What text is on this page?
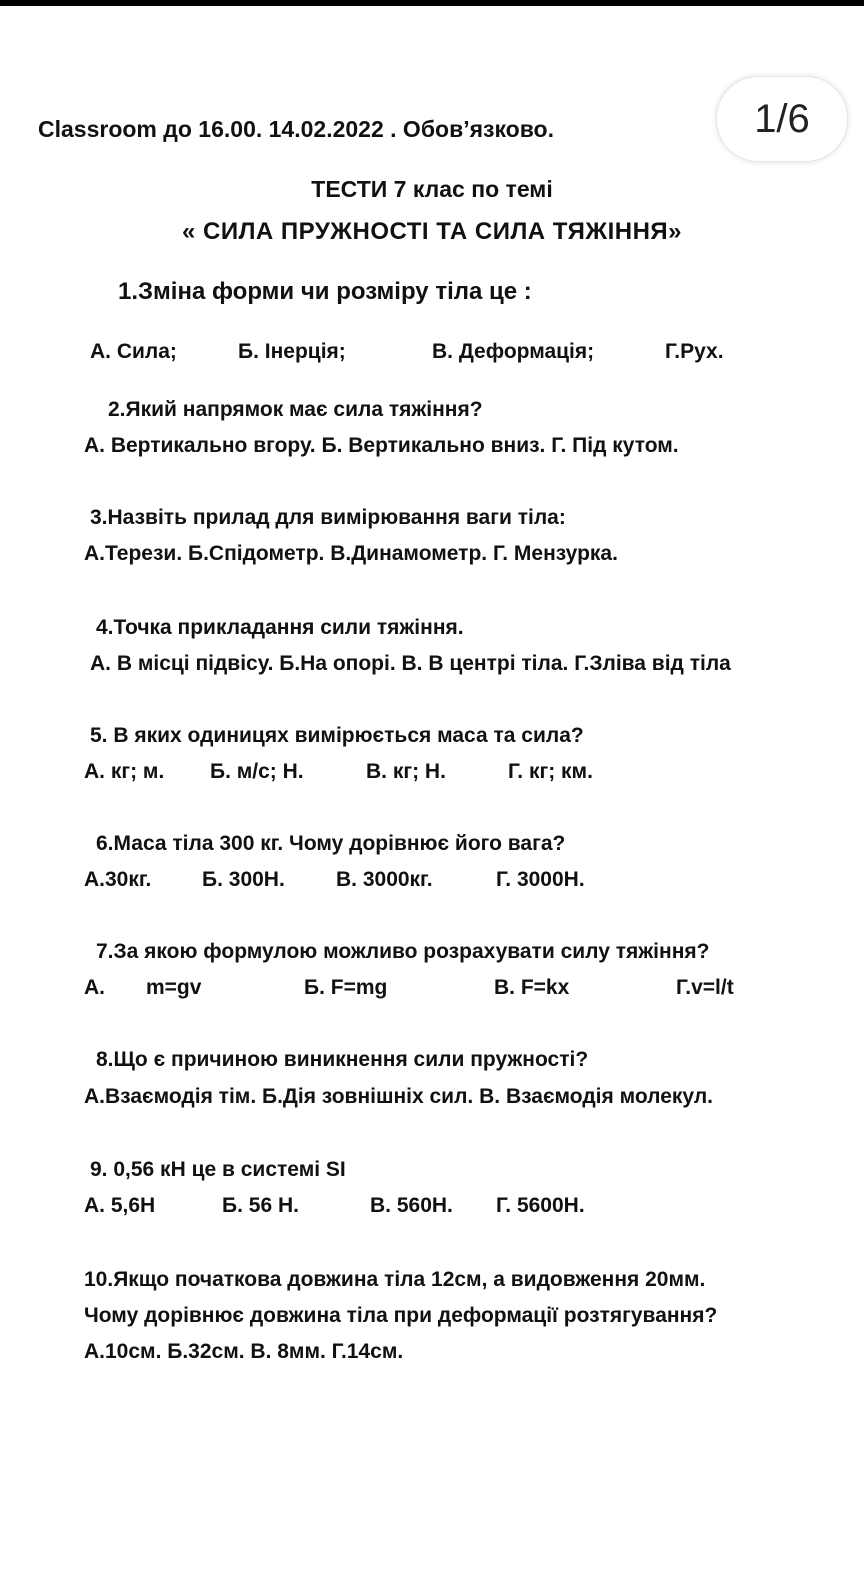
Classroom до 16.00. 14.02.2022 . Обов’язково.	1/6
ТЕСТИ 7 клас по темі
« СИЛА ПРУЖНОСТІ ТА СИЛА ТЯЖІННЯ»
1.Зміна форми чи розміру тіла це :
А. Сила;	Б. Інерція;	В. Деформація;	Г.Рух.
2.Який напрямок має сила тяжіння?
А. Вертикально вгору. Б. Вертикально вниз. Г. Під кутом.
3.Назвіть прилад для вимірювання ваги тіла:
А.Терези. Б.Спідометр. В.Динамометр. Г. Мензурка.
4.Точка прикладання сили тяжіння.
А. В місці підвісу. Б.На опорі. В. В центрі тіла. Г.Зліва від тіла
5. В яких одиницях вимірюється маса та сила?
А. кг; м. Б. м/с; Н.	В. кг; Н.	Г. кг; км.
6.Маса тіла 300 кг. Чому дорівнює його вага?
А.30кг. Б. 300Н. В. 3000кг.	Г. 3000Н.
7.За якою формулою можливо розрахувати силу тяжіння?
А. m=gv	Б. F=mg	В. F=kx	Г.v=l/t
8.Що є причиною виникнення сили пружності?
А.Взаємодія тім. Б.Дія зовнішніх сил. В. Взаємодія молекул.
9. 0,56 кН це в системі SI
А. 5,6Н	Б. 56 Н.	В. 560Н. Г. 5600Н.
10.Якщо початкова довжина тіла 12см, а видовження 20мм.
Чому дорівнює довжина тіла при деформації розтягування?
А.10см. Б.32см. В. 8мм. Г.14см.
